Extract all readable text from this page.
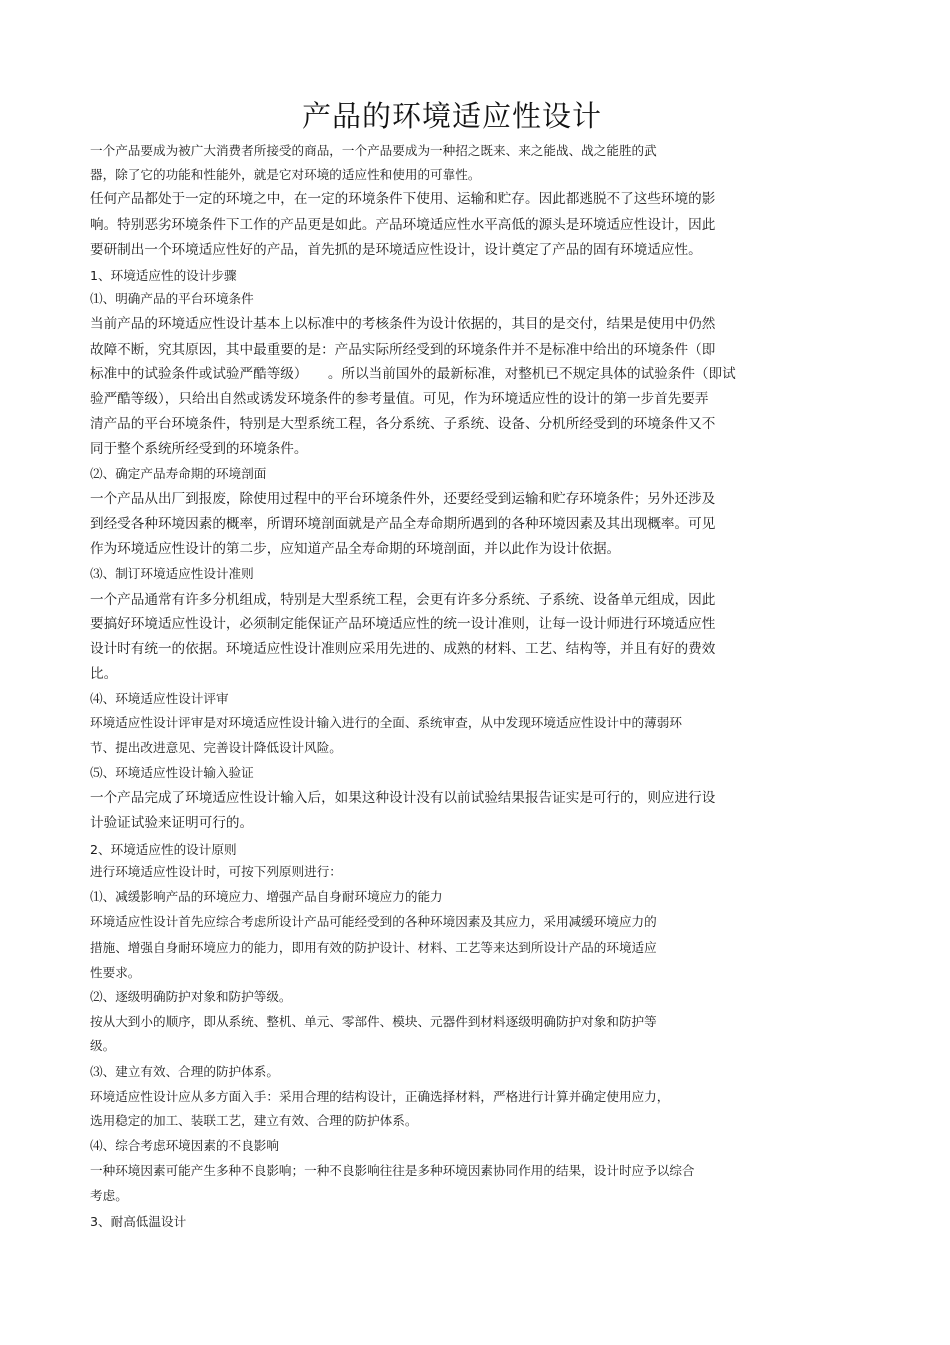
产品的环境适应性设计
一个产品要成为被广大消费者所接受的商品，一个产品要成为一种招之既来、来之能战、战之能胜的武
器，除了它的功能和性能外，就是它对环境的适应性和使用的可靠性。
任何产品都处于一定的环境之中，在一定的环境条件下使用、运输和贮存。因此都逃脱不了这些环境的影
响。特别恶劣环境条件下工作的产品更是如此。产品环境适应性水平高低的源头是环境适应性设计，因此
要研制出一个环境适应性好的产品，首先抓的是环境适应性设计，设计奠定了产品的固有环境适应性。
1、环境适应性的设计步骤
⑴、明确产品的平台环境条件
当前产品的环境适应性设计基本上以标准中的考核条件为设计依据的，其目的是交付，结果是使用中仍然
故障不断，究其原因，其中最重要的是：产品实际所经受到的环境条件并不是标准中给出的环境条件（即
标准中的试验条件或试验严酷等级）　　。所以当前国外的最新标准，对整机已不规定具体的试验条件（即试
验严酷等级），只给出自然或诱发环境条件的参考量值。可见，作为环境适应性的设计的第一步首先要弄
清产品的平台环境条件，特别是大型系统工程，各分系统、子系统、设备、分机所经受到的环境条件又不
同于整个系统所经受到的环境条件。
⑵、确定产品寿命期的环境剖面
一个产品从出厂到报废，除使用过程中的平台环境条件外，还要经受到运输和贮存环境条件；另外还涉及
到经受各种环境因素的概率，所谓环境剖面就是产品全寿命期所遇到的各种环境因素及其出现概率。可见
作为环境适应性设计的第二步，应知道产品全寿命期的环境剖面，并以此作为设计依据。
⑶、制订环境适应性设计准则
一个产品通常有许多分机组成，特别是大型系统工程，会更有许多分系统、子系统、设备单元组成，因此
要搞好环境适应性设计，必须制定能保证产品环境适应性的统一设计准则，让每一设计师进行环境适应性
设计时有统一的依据。环境适应性设计准则应采用先进的、成熟的材料、工艺、结构等，并且有好的费效
比。
⑷、环境适应性设计评审
环境适应性设计评审是对环境适应性设计输入进行的全面、系统审查，从中发现环境适应性设计中的薄弱环
节、提出改进意见、完善设计降低设计风险。
⑸、环境适应性设计输入验证
一个产品完成了环境适应性设计输入后，如果这种设计没有以前试验结果报告证实是可行的，则应进行设
计验证试验来证明可行的。
2、环境适应性的设计原则
进行环境适应性设计时，可按下列原则进行：
⑴、减缓影响产品的环境应力、增强产品自身耐环境应力的能力
环境适应性设计首先应综合考虑所设计产品可能经受到的各种环境因素及其应力，采用减缓环境应力的
措施、增强自身耐环境应力的能力，即用有效的防护设计、材料、工艺等来达到所设计产品的环境适应
性要求。
⑵、逐级明确防护对象和防护等级。
按从大到小的顺序，即从系统、整机、单元、零部件、模块、元器件到材料逐级明确防护对象和防护等
级。
⑶、建立有效、合理的防护体系。
环境适应性设计应从多方面入手：采用合理的结构设计，正确选择材料，严格进行计算并确定使用应力，
选用稳定的加工、装联工艺，建立有效、合理的防护体系。
⑷、综合考虑环境因素的不良影响
一种环境因素可能产生多种不良影响；一种不良影响往往是多种环境因素协同作用的结果，设计时应予以综合
考虑。
3、耐高低温设计
